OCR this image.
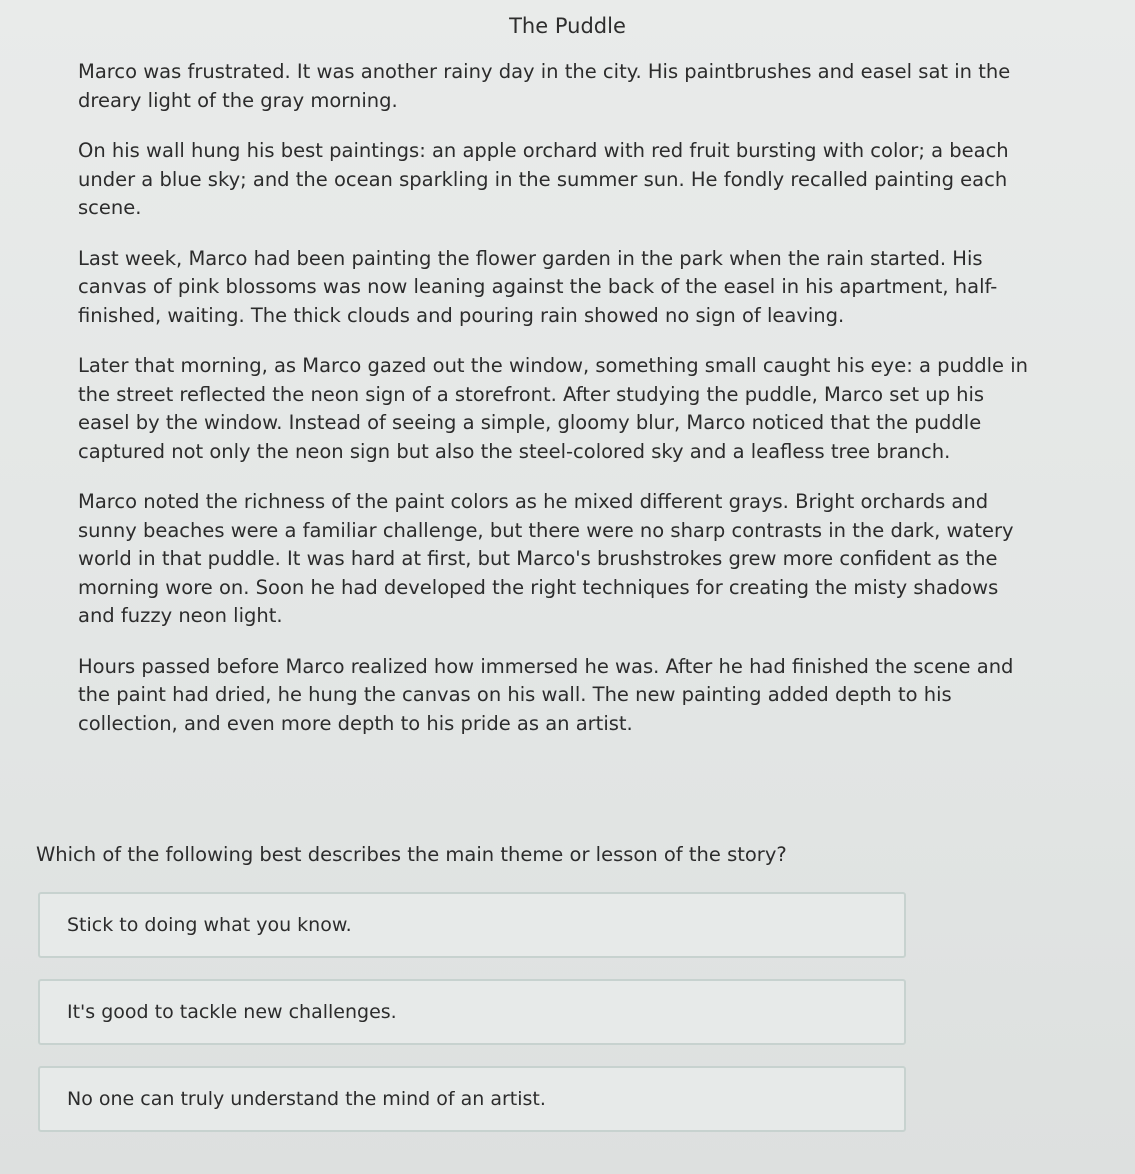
The Puddle

Marco was frustrated. It was another rainy day in the city. His paintbrushes and easel sat in the dreary light of the gray morning.

On his wall hung his best paintings: an apple orchard with red fruit bursting with color; a beach under a blue sky; and the ocean sparkling in the summer sun. He fondly recalled painting each scene.

Last week, Marco had been painting the flower garden in the park when the rain started. His canvas of pink blossoms was now leaning against the back of the easel in his apartment, half-finished, waiting. The thick clouds and pouring rain showed no sign of leaving.

Later that morning, as Marco gazed out the window, something small caught his eye: a puddle in the street reflected the neon sign of a storefront. After studying the puddle, Marco set up his easel by the window. Instead of seeing a simple, gloomy blur, Marco noticed that the puddle captured not only the neon sign but also the steel-colored sky and a leafless tree branch.

Marco noted the richness of the paint colors as he mixed different grays. Bright orchards and sunny beaches were a familiar challenge, but there were no sharp contrasts in the dark, watery world in that puddle. It was hard at first, but Marco's brushstrokes grew more confident as the morning wore on. Soon he had developed the right techniques for creating the misty shadows and fuzzy neon light.

Hours passed before Marco realized how immersed he was. After he had finished the scene and the paint had dried, he hung the canvas on his wall. The new painting added depth to his collection, and even more depth to his pride as an artist.

Which of the following best describes the main theme or lesson of the story?
Stick to doing what you know.
It's good to tackle new challenges.
No one can truly understand the mind of an artist.
